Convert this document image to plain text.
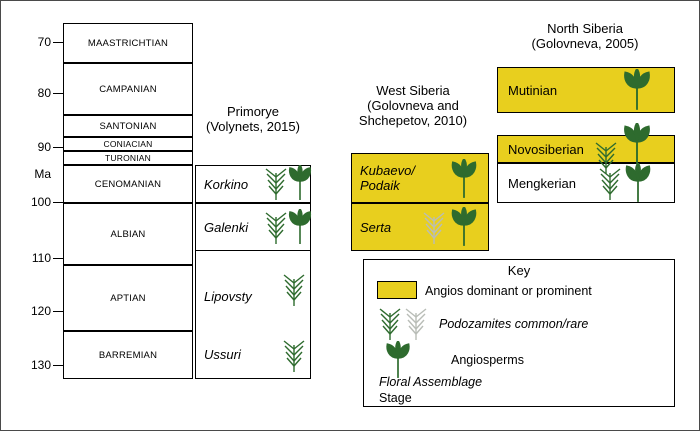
70
80
90
Ma
100
110
120
130
MAASTRICHTIAN
CAMPANIAN
SANTONIAN
CONIACIAN
TURONIAN
CENOMANIAN
ALBIAN
APTIAN
BARREMIAN
Primorye
(Volynets, 2015)
West Siberia
(Golovneva and
Shchepetov, 2010)
North Siberia
(Golovneva, 2005)
Korkino
Galenki
Lipovsty
Ussuri
Kubaevo/
Podaik
Serta
Mutinian
Novosiberian
Mengkerian
Key
Angios dominant or prominent
Podozamites common/rare
Angiosperms
Floral Assemblage
Stage
